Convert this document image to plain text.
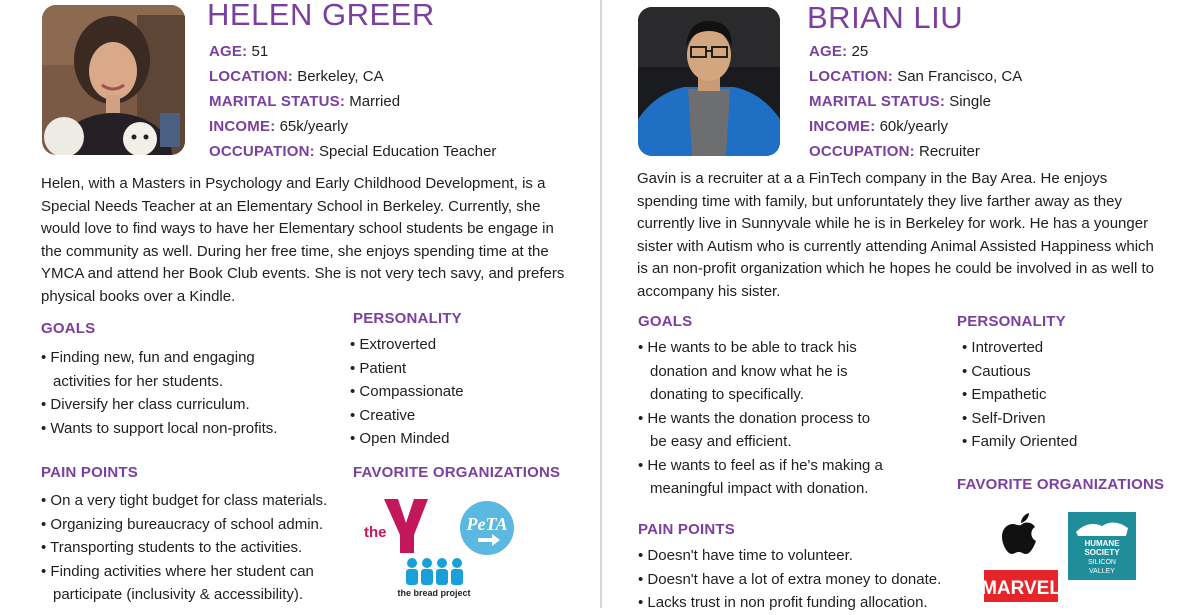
HELEN GREER
AGE: 51
LOCATION: Berkeley, CA
MARITAL STATUS: Married
INCOME: 65k/yearly
OCCUPATION: Special Education Teacher

Helen, with a Masters in Psychology and Early Childhood Development, is a Special Needs Teacher at an Elementary School in Berkeley. Currently, she would love to find ways to have her Elementary school students be engage in the community as well. During her free time, she enjoys spending time at the YMCA and attend her Book Club events. She is not very tech savy, and prefers physical books over a Kindle.

GOALS
• Finding new, fun and engaging activities for her students.
• Diversify her class curriculum.
• Wants to support local non-profits.
PAIN POINTS
• On a very tight budget for class materials.
• Organizing bureaucracy of school admin.
• Transporting students to the activities.
• Finding activities where her student can participate (inclusivity & accessibility).
PERSONALITY
• Extroverted
• Patient
• Compassionate
• Creative
• Open Minded
FAVORITE ORGANIZATIONS
the	PeTA
the bread project
BRIAN LIU
AGE: 25
LOCATION: San Francisco, CA
MARITAL STATUS: Single
INCOME: 60k/yearly
OCCUPATION: Recruiter

Gavin is a recruiter at a a FinTech company in the Bay Area. He enjoys spending time with family, but unforuntately they live farther away as they currently live in Sunnyvale while he is in Berkeley for work. He has a younger sister with Autism who is currently attending Animal Assisted Happiness which is an non-profit organization which he hopes he could be involved in as well to accompany his sister.

GOALS
• He wants to be able to track his donation and know what he is donating to specifically.
• He wants the donation process to be easy and efficient.
• He wants to feel as if he's making a meaningful impact with donation.
PAIN POINTS
• Doesn't have time to volunteer.
• Doesn't have a lot of extra money to donate.
• Lacks trust in non profit funding allocation.
PERSONALITY
• Introverted
• Cautious
• Empathetic
• Self-Driven
• Family Oriented
FAVORITE ORGANIZATIONS
HUMANE
SOCIETY
SILICON
VALLEY
MARVEL
